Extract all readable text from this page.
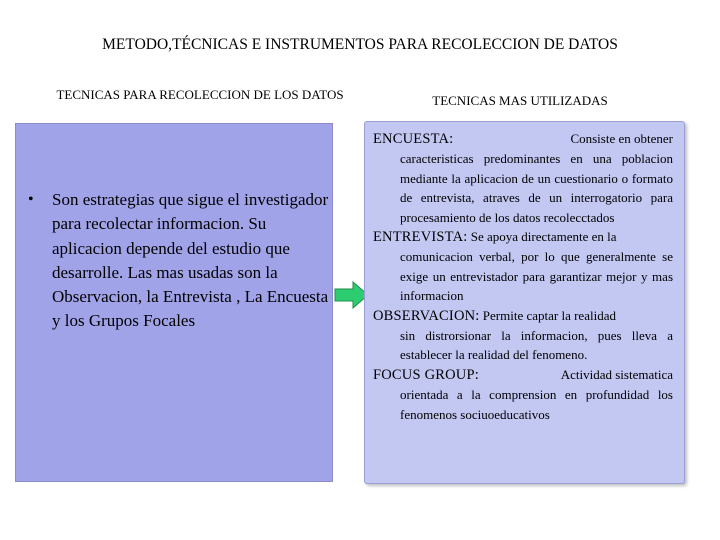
METODO,TÉCNICAS E INSTRUMENTOS PARA RECOLECCION DE DATOS
TECNICAS PARA RECOLECCION DE LOS DATOS	TECNICAS MAS UTILIZADAS
•	Son estrategias que sigue el investigador para recolectar informacion. Su aplicacion depende del estudio que desarrolle. Las mas usadas son la Observacion, la Entrevista , La Encuesta y los Grupos Focales
ENCUESTA:	Consiste en obtener
caracteristicas predominantes en una poblacion mediante la aplicacion de un cuestionario o formato de entrevista, atraves de un interrogatorio para procesamiento de los datos recolecctados
ENTREVISTA: Se apoya directamente en la
comunicacion verbal, por lo que generalmente se exige un entrevistador para garantizar mejor y mas informacion
OBSERVACION: Permite captar la realidad
sin distrorsionar la informacion, pues lleva a establecer la realidad del fenomeno.
FOCUS GROUP:	Actividad sistematica
orientada a la comprension en profundidad los fenomenos sociuoeducativos
